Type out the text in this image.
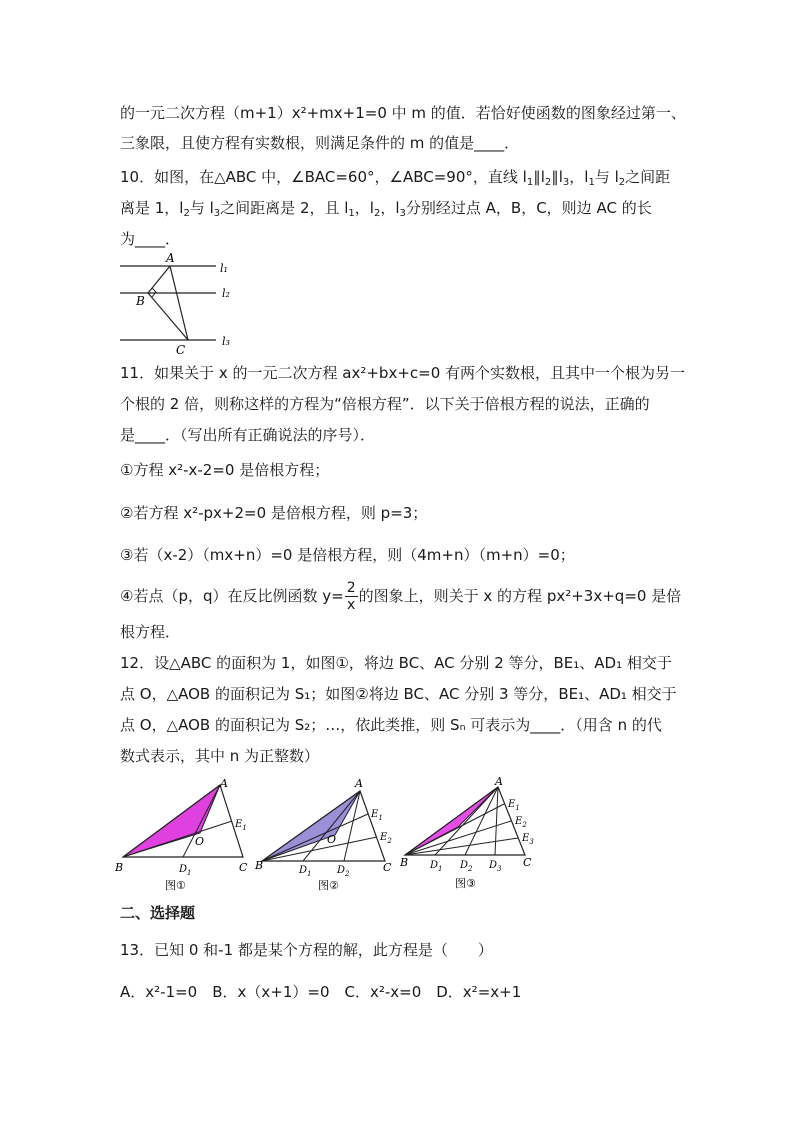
的一元二次方程（m+1）x²+mx+1=0 中 m 的值．若恰好使函数的图象经过第一、
三象限，且使方程有实数根，则满足条件的 m 的值是____．
10．如图，在△ABC 中，∠BAC=60°，∠ABC=90°，直线 $l_1\parallel l_2\parallel l_3$，$l_1$与 $l_2$之间距
离是 1，$l_2$与 $l_3$之间距离是 2，且 $l_1$，$l_2$，$l_3$分别经过点 A，B，C，则边 AC 的长
为____．
A
B
C
l₁
l₂
l₃
11．如果关于 x 的一元二次方程 ax²+bx+c=0 有两个实数根，且其中一个根为另一
个根的 2 倍，则称这样的方程为“倍根方程”．以下关于倍根方程的说法，正确的
是____．（写出所有正确说法的序号）．
①方程 x²-x-2=0 是倍根方程；
②若方程 x²-px+2=0 是倍根方程，则 p=3；
③若（x-2）（mx+n）=0 是倍根方程，则（4m+n）（m+n）=0；
④若点（p，q）在反比例函数 $y= \frac{2}{x}$ 的图象上，则关于 x 的方程 px²+3x+q=0 是倍
根方程．
12．设△ABC 的面积为 1，如图①，将边 BC、AC 分别 2 等分，BE₁、AD₁ 相交于
点 O，△AOB 的面积记为 S₁；如图②将边 BC、AC 分别 3 等分，BE₁、AD₁ 相交于
点 O，△AOB 的面积记为 S₂；…，依此类推，则 Sₙ 可表示为____．（用含 n 的代
数式表示，其中 n 为正整数）
A
B	C
$E_1$
$D_1$
O
图①
A
B	C
$E_1$
$E_2$
$D_1$	$D_2$
O
图②
A
B	C
$E_1$
$E_2$
$E_3$
$D_1$ $D_2$ $D_3$
图③
二、选择题
13．已知 0 和-1 都是某个方程的解，此方程是（　　）
A．x²-1=0　B．x（x+1）=0　C．x²-x=0　D．x²=x+1
